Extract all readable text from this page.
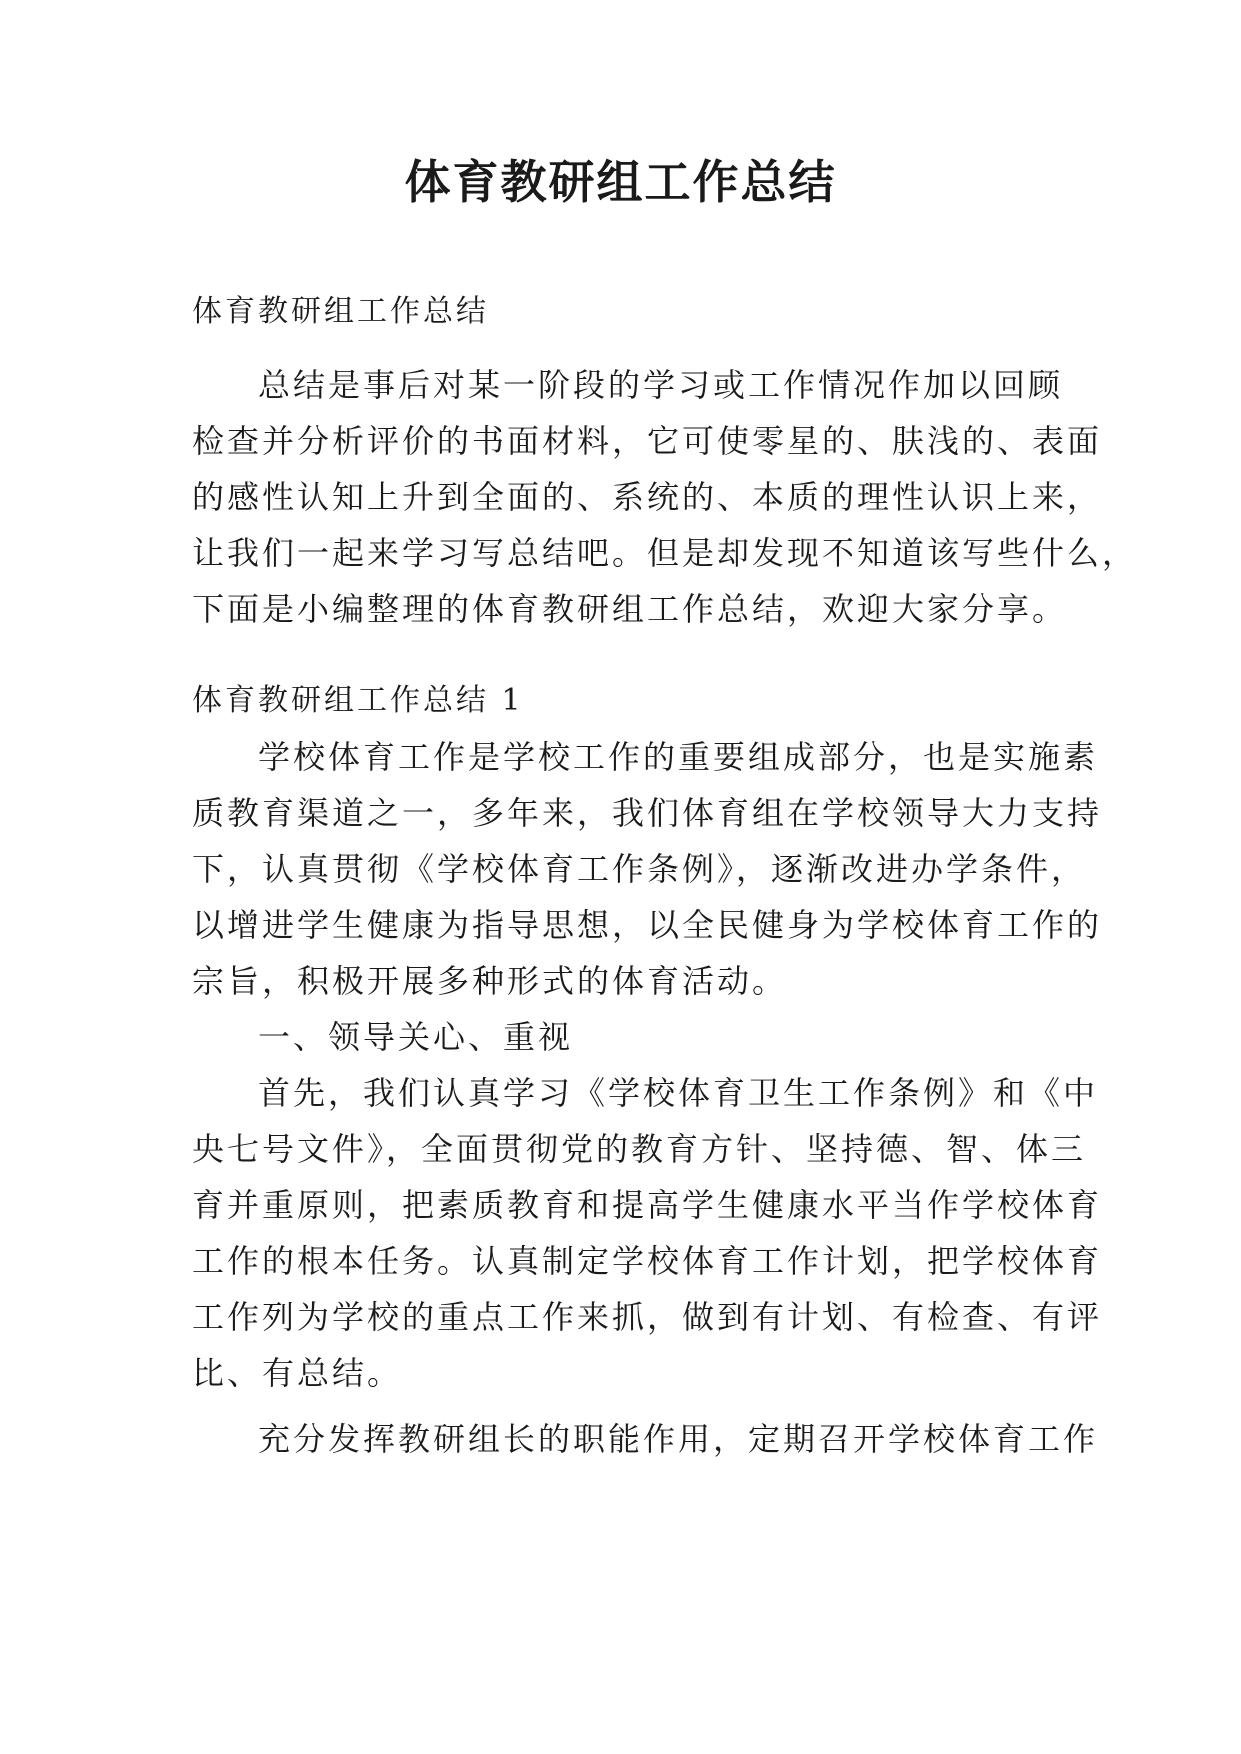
体育教研组工作总结

体育教研组工作总结

总结是事后对某一阶段的学习或工作情况作加以回顾

检查并分析评价的书面材料，它可使零星的、肤浅的、表面

的感性认知上升到全面的、系统的、本质的理性认识上来，

让我们一起来学习写总结吧。但是却发现不知道该写些什么，

下面是小编整理的体育教研组工作总结，欢迎大家分享。

体育教研组工作总结 1

学校体育工作是学校工作的重要组成部分，也是实施素

质教育渠道之一，多年来，我们体育组在学校领导大力支持

下，认真贯彻《学校体育工作条例》，逐渐改进办学条件，

以增进学生健康为指导思想，以全民健身为学校体育工作的

宗旨，积极开展多种形式的体育活动。

一、领导关心、重视

首先，我们认真学习《学校体育卫生工作条例》和《中

央七号文件》，全面贯彻党的教育方针、坚持德、智、体三

育并重原则，把素质教育和提高学生健康水平当作学校体育

工作的根本任务。认真制定学校体育工作计划，把学校体育

工作列为学校的重点工作来抓，做到有计划、有检查、有评

比、有总结。

充分发挥教研组长的职能作用，定期召开学校体育工作
